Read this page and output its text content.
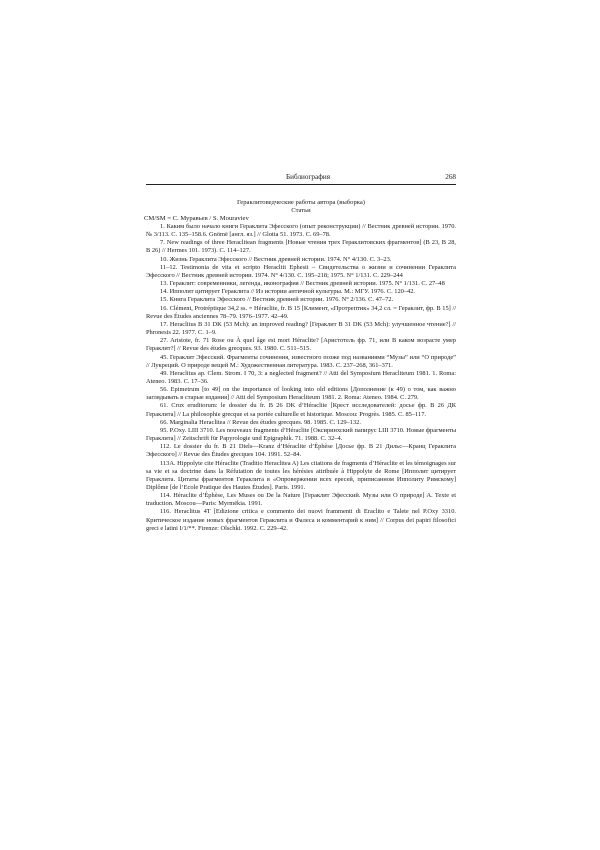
Библиография	268
Гераклитоведческие работы автора (выборка)
Статьи
CM/SM = С. Муравьев / S. Mouraviev

1. Каким было начало книги Гераклита Эфесского (опыт реконструкции) // Вестник древней истории. 1970. № 3/113. С. 135–158.6. Gnōmē [англ. яз.] // Glotta 51. 1973. С. 69–78.

7. New readings of three Heraclitean fragments [Новые чтения трех Гераклитовских фрагментов] (В 23, В 28, В 26) // Hermes 101. 1973). С. 114–127.

10. Жизнь Гераклита Эфесского // Вестник древней истории. 1974. N° 4/130. С. 3–23.

11–12. Testimonia de vita et scripto Heracliti Ephesii – Свидетельства о жизни и сочинении Гераклита Эфесского // Вестник древней истории. 1974. N° 4/130. С. 195–218; 1975. N° 1/131. С. 229–244

13. Гераклит: современники, легенда, иконография // Вестник древней истории. 1975. N° 1/131. С. 27–48

14. Ипполит цитирует Гераклита // Из истории античной культуры. М.: МГУ. 1976. С. 120–42.

15. Книга Гераклита Эфесского // Вестник древней истории. 1976. N° 2/136. С. 47–72.

16. Clément, Protréptique 34,2 ss. = Héraclite, fr. В 15 [Климент, «Протрептик» 34,2 сл. = Гераклит, фр. В 15] // Revue des Études anciennes 78–79. 1976–1977. 42–49.

17. Heraclitus В 31 DK (53 Mch): an improved reading? [Гераклит В 31 DK (53 Mch): улучшенное чтение?] // Phronesis 22. 1977. С. 1–9.

27. Aristote, fr. 71 Rose ou À quel âge est mort Héraclite? [Аристотель фр. 71, или В каком возрасте умер Гераклит?] // Revue des études grecques. 93. 1980. С. 511–515.

45. Гераклит Эфесский. Фрагменты сочинения, известного позже под названиями “Музы” или “О природе” // Лукреций. О природе вещей М.: Художественная литература. 1983. С. 237–268, 361–371.

49. Heraclitus ap. Clem. Strom. I 70, 3: a neglected fragment? // Atti del Symposium Heracliteum 1981. 1. Roma: Ateneo. 1983. С. 17–36.

56. Epimetrum [to 49] on the importance of looking into old editions [Дополнение (к 49) о том, как важно заглядывать в старые издания] // Atti del Symposium Heracliteum 1981. 2. Roma: Ateneo. 1984. С. 279.

61. Crux eruditorum: le dossier du fr. В 26 DK d’Héraclite [Крест исследователей: досье фр. В 26 ДК Гераклита] // La philosophie grecque et sa portée culturelle et historique. Moscou: Progrès. 1985. С. 85–117.

66. Marginalia Heraclitea // Revue des études grecques. 98. 1985. С. 129–132.

95. P.Oxy. LIII 3710. Les nouveaux fragments d’Héraclite [Оксиринхский папирус LIII 3710. Новые фрагменты Гераклита] // Zeitschrift für Papyrologie und Epigraphik. 71. 1988. С. 32–4.

112. Le dossier du fr. В 21 Diels—Kranz d’Héraclite d’Éphèse [Досье фр. В 21 Дильс—Кранц Гераклита Эфесского] // Revue des Études grecques 104. 1991. 52–84.

113A. Hippolyte cite Héraclite (Traditio Heraclitea A) Les citations de fragments d’Héraclite et les témoignages sur sa vie et sa doctrine dans la Réfutation de toutes les hérésies attribuée à Hippolyte de Rome [Ипполит цитирует Гераклита. Цитаты фрагментов Гераклита в «Опровержении всех ересей, приписанном Ипполиту Римскому] Diplôme [de l’Ecole Pratique des Hautes Études]. Paris. 1991.

114. Héraclite d’Éphèse, Les Muses ou De la Nature [Гераклит Эфесский. Музы или О природе] A. Texte et traduction. Moscou—Paris: Myrmēkia. 1991.

116. Heraclitus 4T [Edizione critica e commento dei nuovi frammenti di Eraclito e Talete nel P.Oxy 3310. Критическое издание новых фрагментов Гераклита и Фалеса и комментарий к ним] // Corpus dei papiri filosofici greci e latini I/1/**. Firenze: Olschki. 1992. С. 229–42.
